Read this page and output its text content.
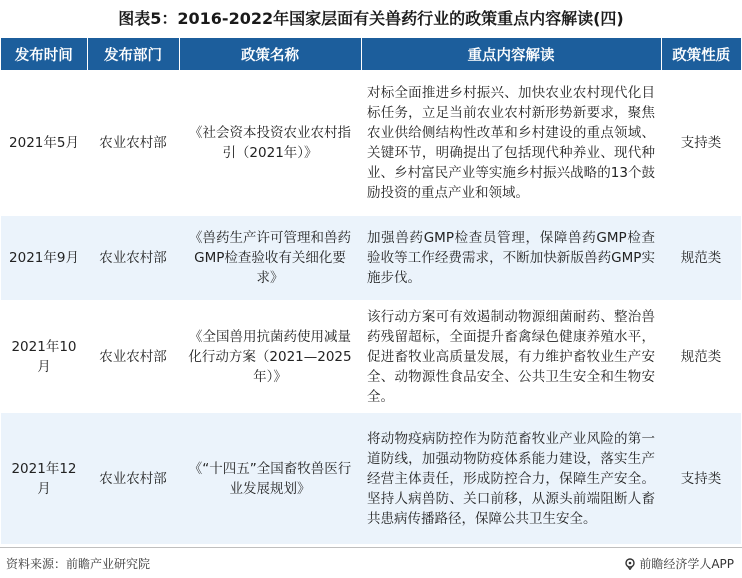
图表5：2016-2022年国家层面有关兽药行业的政策重点内容解读(四)
发布时间	发布部门	政策名称	重点内容解读	政策性质
2021年5月	农业农村部	《社会资本投资农业农村指引（2021年）》	对标全面推进乡村振兴、加快农业农村现代化目标任务，立足当前农业农村新形势新要求，聚焦农业供给侧结构性改革和乡村建设的重点领域、关键环节，明确提出了包括现代种养业、现代种业、乡村富民产业等实施乡村振兴战略的13个鼓励投资的重点产业和领域。	支持类
2021年9月	农业农村部	《兽药生产许可管理和兽药GMP检查验收有关细化要求》	加强兽药GMP检查员管理，保障兽药GMP检查验收等工作经费需求，不断加快新版兽药GMP实施步伐。	规范类
2021年10月	农业农村部	《全国兽用抗菌药使用减量化行动方案（2021—2025年）》	该行动方案可有效遏制动物源细菌耐药、整治兽药残留超标，全面提升畜禽绿色健康养殖水平，促进畜牧业高质量发展，有力维护畜牧业生产安全、动物源性食品安全、公共卫生安全和生物安全。	规范类
2021年12月	农业农村部	《“十四五”全国畜牧兽医行业发展规划》	将动物疫病防控作为防范畜牧业产业风险的第一道防线，加强动物防疫体系能力建设，落实生产经营主体责任，形成防控合力，保障生产安全。坚持人病兽防、关口前移，从源头前端阻断人畜共患病传播路径，保障公共卫生安全。	支持类
资料来源：前瞻产业研究院	前瞻经济学人APP
